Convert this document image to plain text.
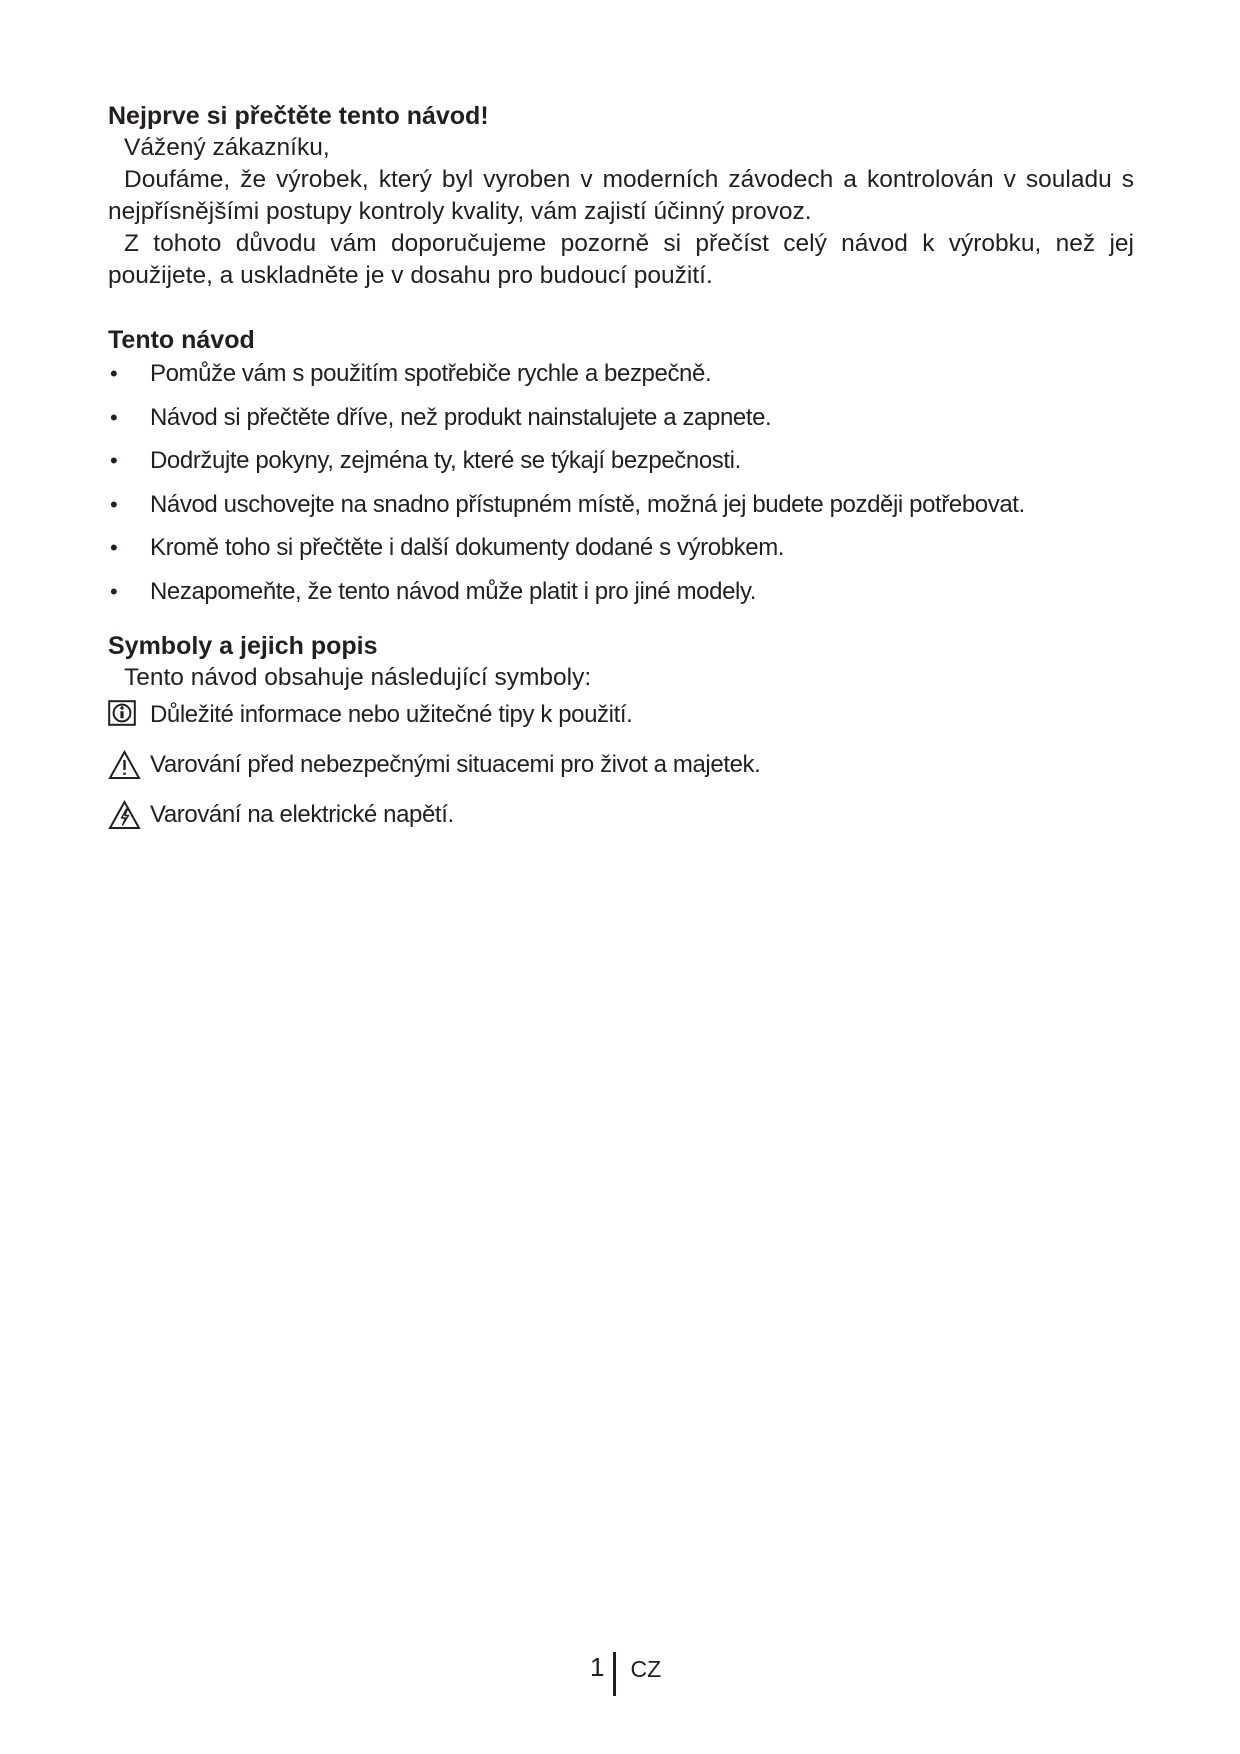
Nejprve si přečtěte tento návod!

Vážený zákazníku,

Doufáme, že výrobek, který byl vyroben v moderních závodech a kontrolován v souladu s nejpřísnějšími postupy kontroly kvality, vám zajistí účinný provoz.

Z tohoto důvodu vám doporučujeme pozorně si přečíst celý návod k výrobku, než jej použijete, a uskladněte je v dosahu pro budoucí použití.

Tento návod
• Pomůže vám s použitím spotřebiče rychle a bezpečně.
• Návod si přečtěte dříve, než produkt nainstalujete a zapnete.
• Dodržujte pokyny, zejména ty, které se týkají bezpečnosti.
• Návod uschovejte na snadno přístupném místě, možná jej budete později potřebovat.
• Kromě toho si přečtěte i další dokumenty dodané s výrobkem.
• Nezapomeňte, že tento návod může platit i pro jiné modely.
Symboly a jejich popis

Tento návod obsahuje následující symboly:

Důležité informace nebo užitečné tipy k použití.
Varování před nebezpečnými situacemi pro život a majetek.
Varování na elektrické napětí.
1 CZ
